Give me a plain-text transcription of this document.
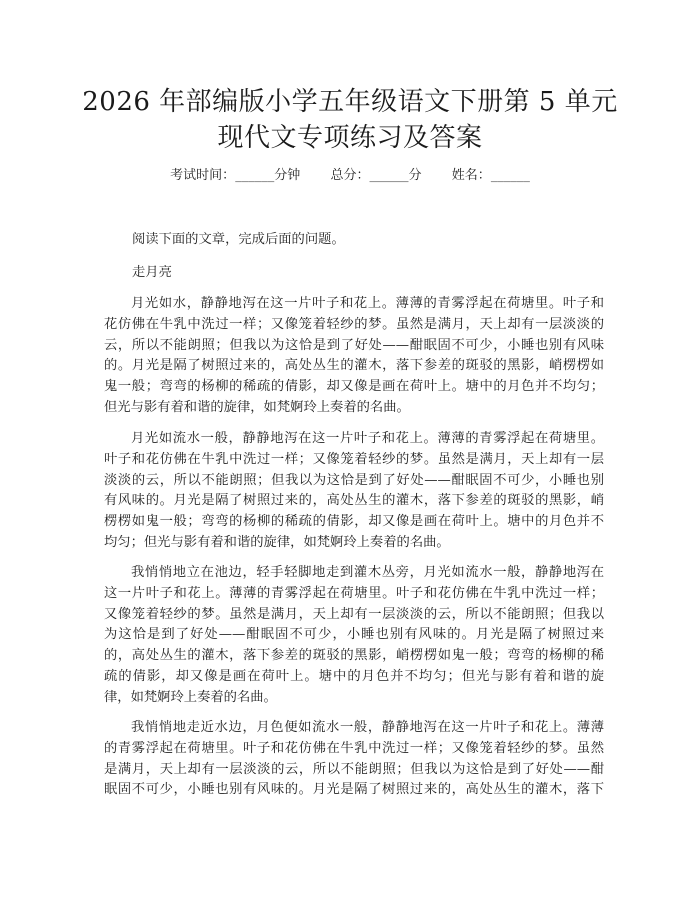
2026 年部编版小学五年级语文下册第 5 单元
现代文专项练习及答案
考试时间：______分钟 总分：______分 姓名：______
阅读下面的文章，完成后面的问题。
走月亮
月光如水，静静地泻在这一片叶子和花上。薄薄的青雾浮起在荷塘里。叶子和
花仿佛在牛乳中洗过一样；又像笼着轻纱的梦。虽然是满月，天上却有一层淡淡的
云，所以不能朗照；但我以为这恰是到了好处——酣眠固不可少，小睡也别有风味
的。月光是隔了树照过来的，高处丛生的灌木，落下参差的斑驳的黑影，峭楞楞如
鬼一般；弯弯的杨柳的稀疏的倩影，却又像是画在荷叶上。塘中的月色并不均匀；
但光与影有着和谐的旋律，如梵婀玲上奏着的名曲。
月光如流水一般，静静地泻在这一片叶子和花上。薄薄的青雾浮起在荷塘里。
叶子和花仿佛在牛乳中洗过一样；又像笼着轻纱的梦。虽然是满月，天上却有一层
淡淡的云，所以不能朗照；但我以为这恰是到了好处——酣眠固不可少，小睡也别
有风味的。月光是隔了树照过来的，高处丛生的灌木，落下参差的斑驳的黑影，峭
楞楞如鬼一般；弯弯的杨柳的稀疏的倩影，却又像是画在荷叶上。塘中的月色并不
均匀；但光与影有着和谐的旋律，如梵婀玲上奏着的名曲。
我悄悄地立在池边，轻手轻脚地走到灌木丛旁，月光如流水一般，静静地泻在
这一片叶子和花上。薄薄的青雾浮起在荷塘里。叶子和花仿佛在牛乳中洗过一样；
又像笼着轻纱的梦。虽然是满月，天上却有一层淡淡的云，所以不能朗照；但我以
为这恰是到了好处——酣眠固不可少，小睡也别有风味的。月光是隔了树照过来
的，高处丛生的灌木，落下参差的斑驳的黑影，峭楞楞如鬼一般；弯弯的杨柳的稀
疏的倩影，却又像是画在荷叶上。塘中的月色并不均匀；但光与影有着和谐的旋
律，如梵婀玲上奏着的名曲。
我悄悄地走近水边，月色便如流水一般，静静地泻在这一片叶子和花上。薄薄
的青雾浮起在荷塘里。叶子和花仿佛在牛乳中洗过一样；又像笼着轻纱的梦。虽然
是满月，天上却有一层淡淡的云，所以不能朗照；但我以为这恰是到了好处——酣
眠固不可少，小睡也别有风味的。月光是隔了树照过来的，高处丛生的灌木，落下
